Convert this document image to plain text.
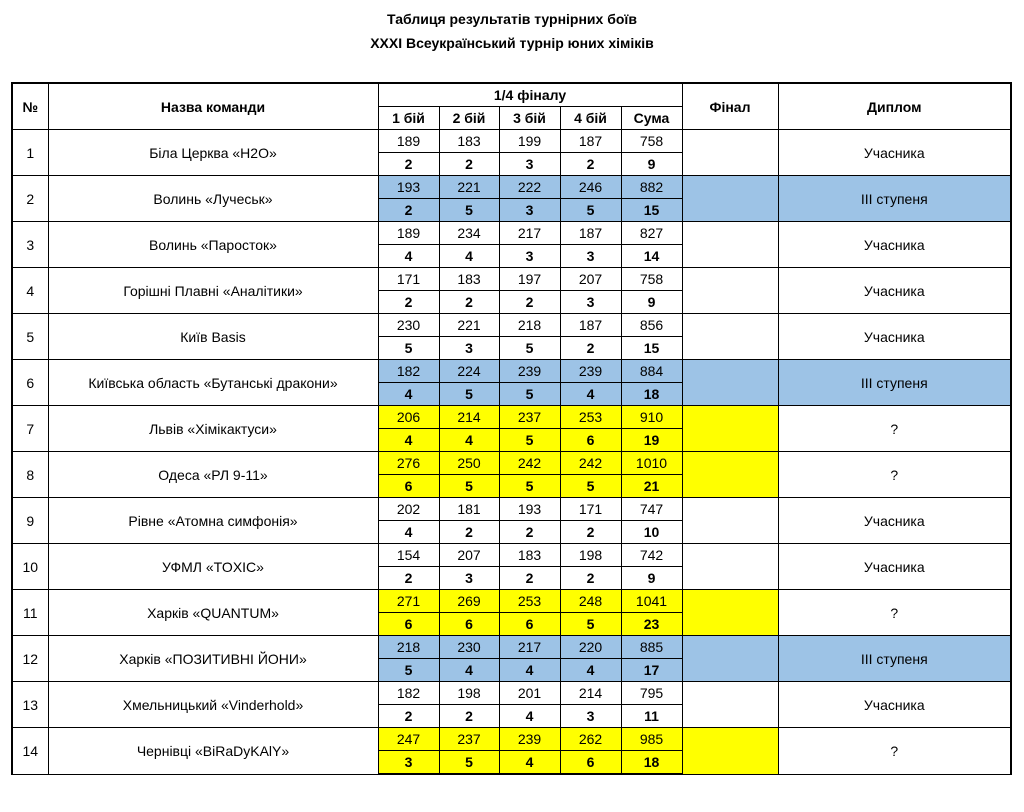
Таблиця результатів турнірних боїв
XXXI Всеукраїнський турнір юних хіміків
№	Назва команди	1/4 фіналу					Фінал	Диплом
		1 бій	2 бій	3 бій	4 бій	Сума		
1	Біла Церква «H2O»	189	183	199	187	758		Учасника
		2	2	3	2	9		
2	Волинь «Лучеськ»	193	221	222	246	882		III ступеня
		2	5	3	5	15		
3	Волинь «Паросток»	189	234	217	187	827		Учасника
		4	4	3	3	14		
4	Горішні Плавні «Аналітики»	171	183	197	207	758		Учасника
		2	2	2	3	9		
5	Київ Basis	230	221	218	187	856		Учасника
		5	3	5	2	15		
6	Київська область «Бутанські дракони»	182	224	239	239	884		III ступеня
		4	5	5	4	18		
7	Львів «Хімікактуси»	206	214	237	253	910		?
		4	4	5	6	19		
8	Одеса «РЛ 9-11»	276	250	242	242	1010		?
		6	5	5	5	21		
9	Рівне «Атомна симфонія»	202	181	193	171	747		Учасника
		4	2	2	2	10		
10	УФМЛ «TOXIC»	154	207	183	198	742		Учасника
		2	3	2	2	9		
11	Харків «QUANTUM»	271	269	253	248	1041		?
		6	6	6	5	23		
12	Харків «ПОЗИТИВНІ ЙОНИ»	218	230	217	220	885		III ступеня
		5	4	4	4	17		
13	Хмельницький «Vinderhold»	182	198	201	214	795		Учасника
		2	2	4	3	11		
14	Чернівці «BiRaDyKAlY»	247	237	239	262	985		?
		3	5	4	6	18		
